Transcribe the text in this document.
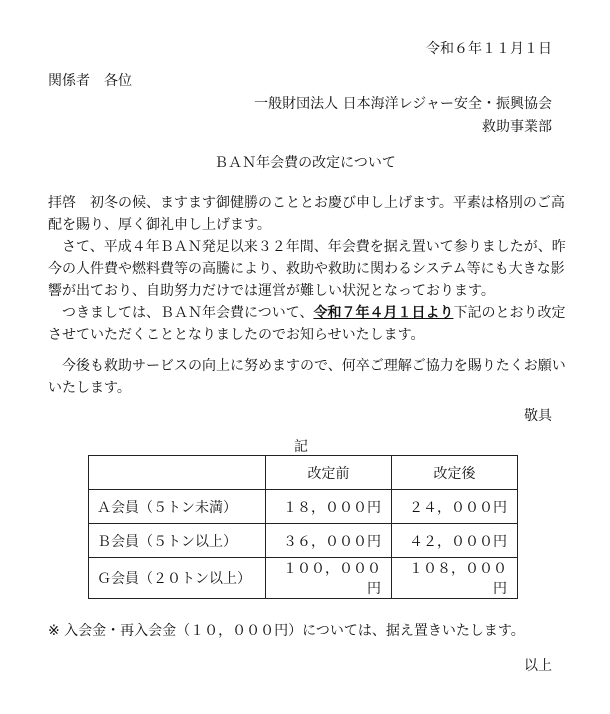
令和６年１１月１日
関係者　各位
一般財団法人 日本海洋レジャー安全・振興協会
救助事業部
ＢＡＮ年会費の改定について
拝啓　初冬の候、ますます御健勝のこととお慶び申し上げます。平素は格別のご高配を賜り、厚く御礼申し上げます。
　さて、平成４年ＢＡＮ発足以来３２年間、年会費を据え置いて参りましたが、昨今の人件費や燃料費等の高騰により、救助や救助に関わるシステム等にも大きな影響が出ており、自助努力だけでは運営が難しい状況となっております。
　つきましては、ＢＡＮ年会費について、令和７年４月１日より下記のとおり改定させていただくこととなりましたのでお知らせいたします。
　今後も救助サービスの向上に努めますので、何卒ご理解ご協力を賜りたくお願いいたします。
敬具
記
	改定前	改定後
Ａ会員（５トン未満）	１８，０００円	２４，０００円
Ｂ会員（５トン以上）	３６，０００円	４２，０００円
Ｇ会員（２０トン以上）	１００，０００円	１０８，０００円
※ 入会金・再入会金（１０，０００円）については、据え置きいたします。
以上
